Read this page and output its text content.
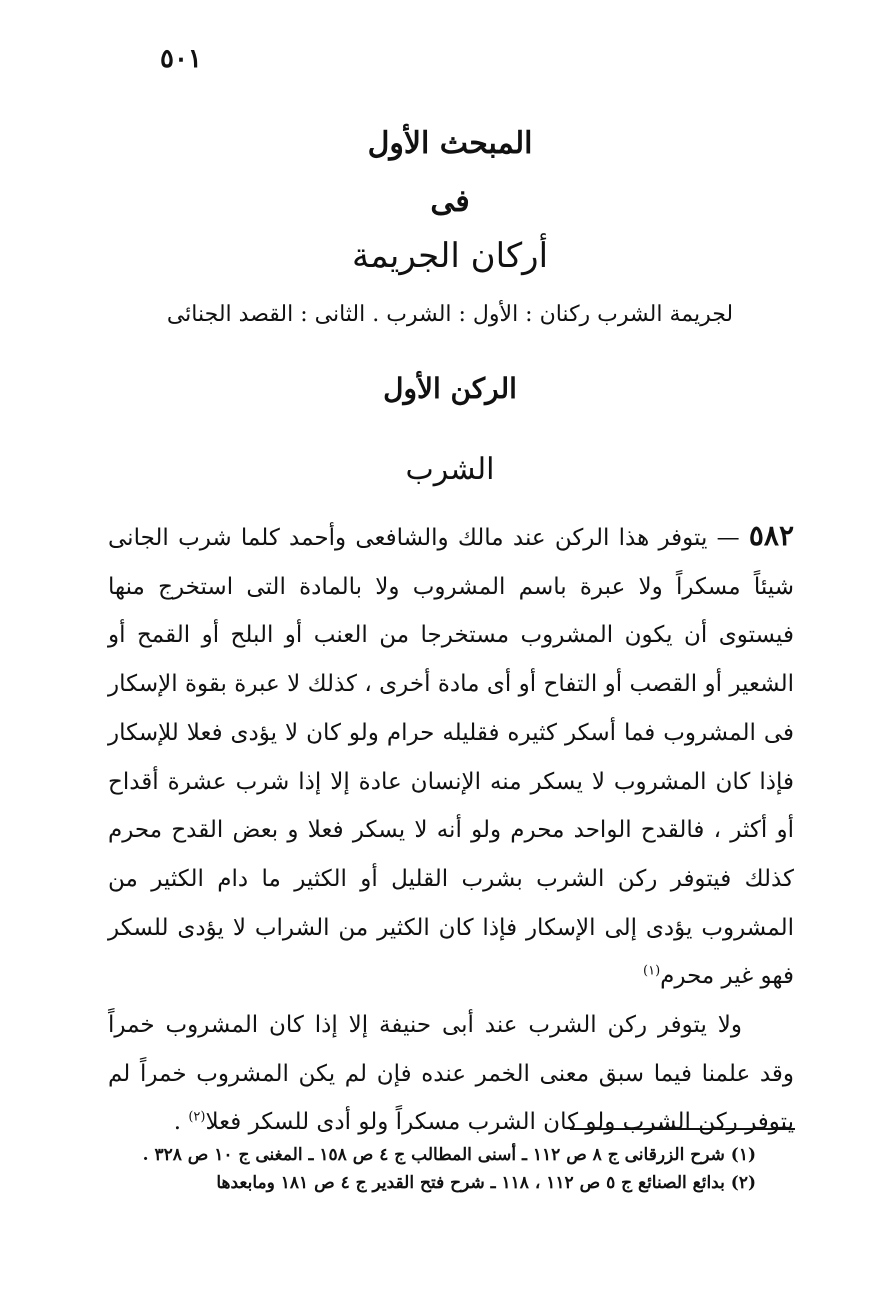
٥٠١
المبحث الأول
فى
أركان الجريمة
لجريمة الشرب ركنان : الأول : الشرب . الثانى : القصد الجنائى
الركن الأول
الشرب

٥٨٢ — يتوفر هذا الركن عند مالك والشافعى وأحمد كلما شرب الجانى شيئاً مسكراً ولا عبرة باسم المشروب ولا بالمادة التى استخرج منها فيستوى أن يكون المشروب مستخرجا من العنب أو البلح أو القمح أو الشعير أو القصب أو التفاح أو أى مادة أخرى ، كذلك لا عبرة بقوة الإسكار فى المشروب فما أسكر كثيره فقليله حرام ولو كان لا يؤدى فعلا للإسكار فإذا كان المشروب لا يسكر منه الإنسان عادة إلا إذا شرب عشرة أقداح أو أكثر ، فالقدح الواحد محرم ولو أنه لا يسكر فعلا و بعض القدح محرم كذلك فيتوفر ركن الشرب بشرب القليل أو الكثير ما دام الكثير من المشروب يؤدى إلى الإسكار فإذا كان الكثير من الشراب لا يؤدى للسكر فهو غير محرم$^{(١)}$

ولا يتوفر ركن الشرب عند أبى حنيفة إلا إذا كان المشروب خمراً وقد علمنا فيما سبق معنى الخمر عنده فإن لم يكن المشروب خمراً لم يتوفر ركن الشرب ولو كان الشرب مسكراً ولو أدى للسكر فعلا$^{(٢)}$ .

(١) شرح الزرقانى ج ٨ ص ١١٢ ـ أسنى المطالب ج ٤ ص ١٥٨ ـ المغنى ج ١٠ ص ٣٢٨ .

(٢) بدائع الصنائع ج ٥ ص ١١٢ ، ١١٨ ـ شرح فتح القدير ج ٤ ص ١٨١ ومابعدها
